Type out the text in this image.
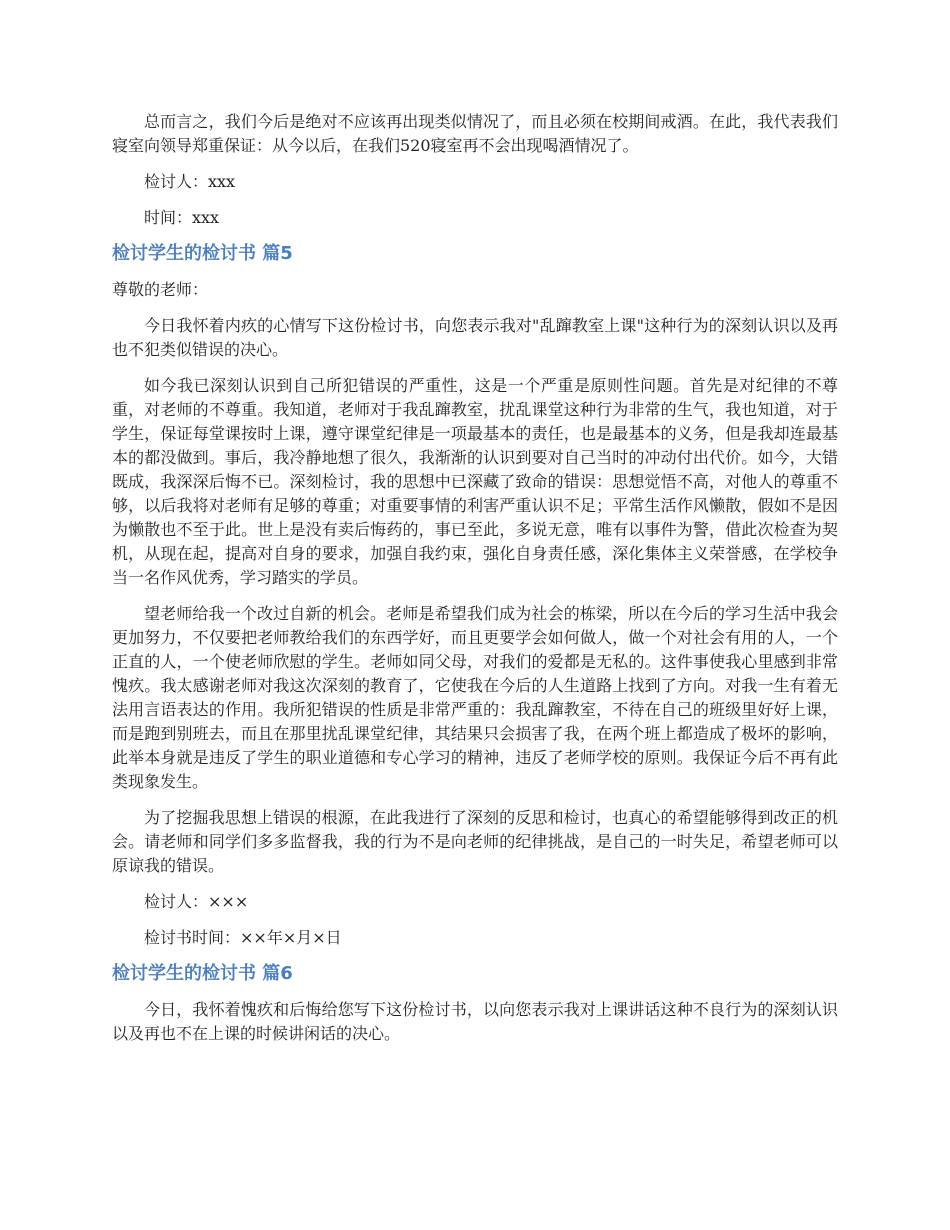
总而言之，我们今后是绝对不应该再出现类似情况了，而且必须在校期间戒酒。在此，我代表我们寝室向领导郑重保证：从今以后，在我们520寝室再不会出现喝酒情况了。

检讨人：xxx

时间：xxx

检讨学生的检讨书 篇5

尊敬的老师：

今日我怀着内疚的心情写下这份检讨书，向您表示我对"乱蹿教室上课"这种行为的深刻认识以及再也不犯类似错误的决心。

如今我已深刻认识到自己所犯错误的严重性，这是一个严重是原则性问题。首先是对纪律的不尊重，对老师的不尊重。我知道，老师对于我乱蹿教室，扰乱课堂这种行为非常的生气，我也知道，对于学生，保证每堂课按时上课，遵守课堂纪律是一项最基本的责任，也是最基本的义务，但是我却连最基本的都没做到。事后，我冷静地想了很久，我渐渐的认识到要对自己当时的冲动付出代价。如今，大错既成，我深深后悔不已。深刻检讨，我的思想中已深藏了致命的错误：思想觉悟不高，对他人的尊重不够，以后我将对老师有足够的尊重；对重要事情的利害严重认识不足；平常生活作风懒散，假如不是因为懒散也不至于此。世上是没有卖后悔药的，事已至此，多说无意，唯有以事件为警，借此次检查为契机，从现在起，提高对自身的要求，加强自我约束，强化自身责任感，深化集体主义荣誉感，在学校争当一名作风优秀，学习踏实的学员。

望老师给我一个改过自新的机会。老师是希望我们成为社会的栋梁，所以在今后的学习生活中我会更加努力，不仅要把老师教给我们的东西学好，而且更要学会如何做人，做一个对社会有用的人，一个正直的人，一个使老师欣慰的学生。老师如同父母，对我们的爱都是无私的。这件事使我心里感到非常愧疚。我太感谢老师对我这次深刻的教育了，它使我在今后的人生道路上找到了方向。对我一生有着无法用言语表达的作用。我所犯错误的性质是非常严重的：我乱蹿教室，不待在自己的班级里好好上课，而是跑到别班去，而且在那里扰乱课堂纪律，其结果只会损害了我，在两个班上都造成了极坏的影响，此举本身就是违反了学生的职业道德和专心学习的精神，违反了老师学校的原则。我保证今后不再有此类现象发生。

为了挖掘我思想上错误的根源，在此我进行了深刻的反思和检讨，也真心的希望能够得到改正的机会。请老师和同学们多多监督我，我的行为不是向老师的纪律挑战，是自己的一时失足，希望老师可以原谅我的错误。

检讨人：×××

检讨书时间：××年×月×日

检讨学生的检讨书 篇6

今日，我怀着愧疚和后悔给您写下这份检讨书，以向您表示我对上课讲话这种不良行为的深刻认识以及再也不在上课的时候讲闲话的决心。
